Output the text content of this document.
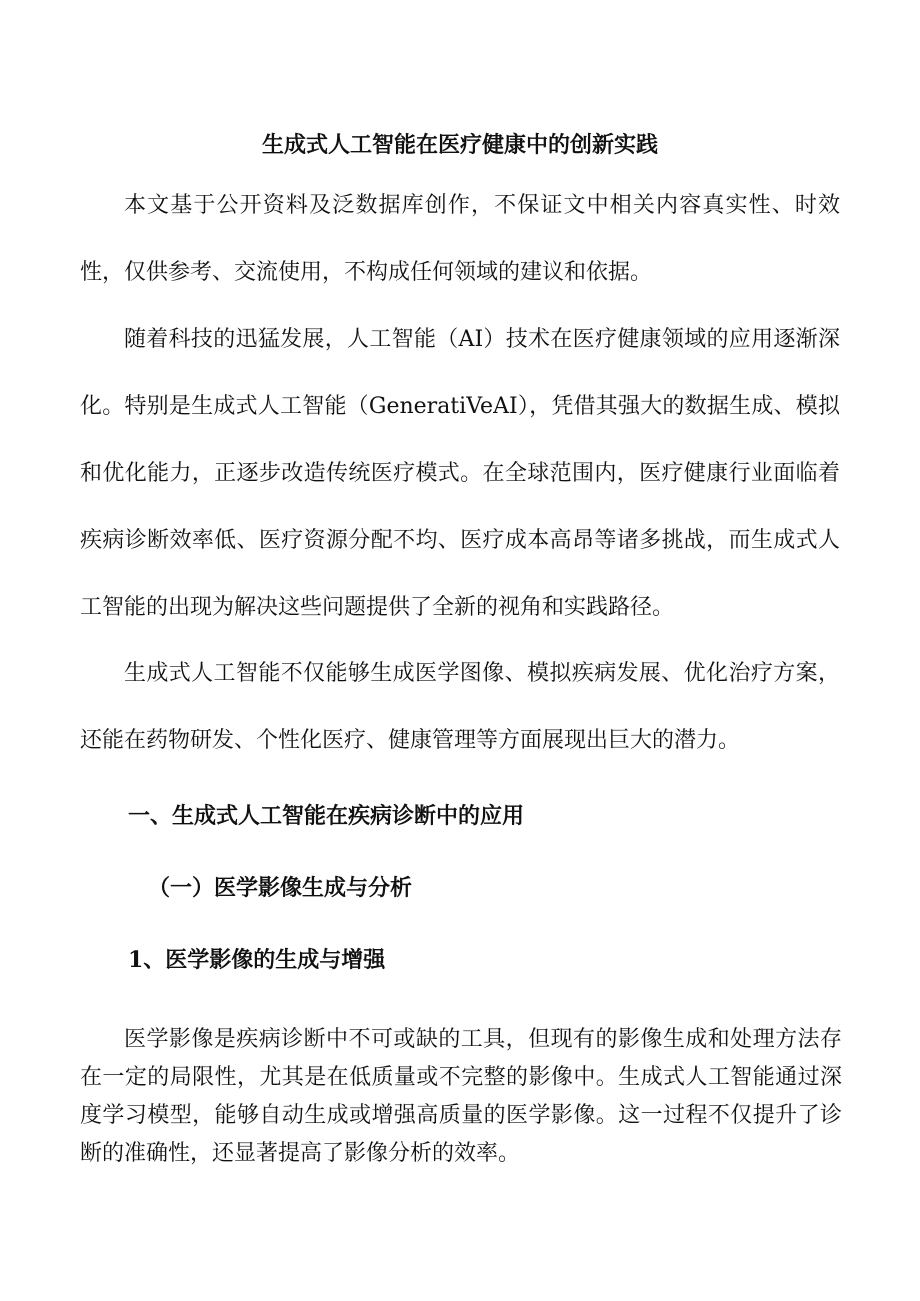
生成式人工智能在医疗健康中的创新实践

本文基于公开资料及泛数据库创作，不保证文中相关内容真实性、时效性，仅供参考、交流使用，不构成任何领域的建议和依据。

随着科技的迅猛发展，人工智能（AI）技术在医疗健康领域的应用逐渐深化。特别是生成式人工智能（GeneratiVeAI），凭借其强大的数据生成、模拟和优化能力，正逐步改造传统医疗模式。在全球范围内，医疗健康行业面临着疾病诊断效率低、医疗资源分配不均、医疗成本高昂等诸多挑战，而生成式人工智能的出现为解决这些问题提供了全新的视角和实践路径。

生成式人工智能不仅能够生成医学图像、模拟疾病发展、优化治疗方案，还能在药物研发、个性化医疗、健康管理等方面展现出巨大的潜力。

一、生成式人工智能在疾病诊断中的应用
（一）医学影像生成与分析
1、医学影像的生成与增强

医学影像是疾病诊断中不可或缺的工具，但现有的影像生成和处理方法存在一定的局限性，尤其是在低质量或不完整的影像中。生成式人工智能通过深度学习模型，能够自动生成或增强高质量的医学影像。这一过程不仅提升了诊断的准确性，还显著提高了影像分析的效率。
